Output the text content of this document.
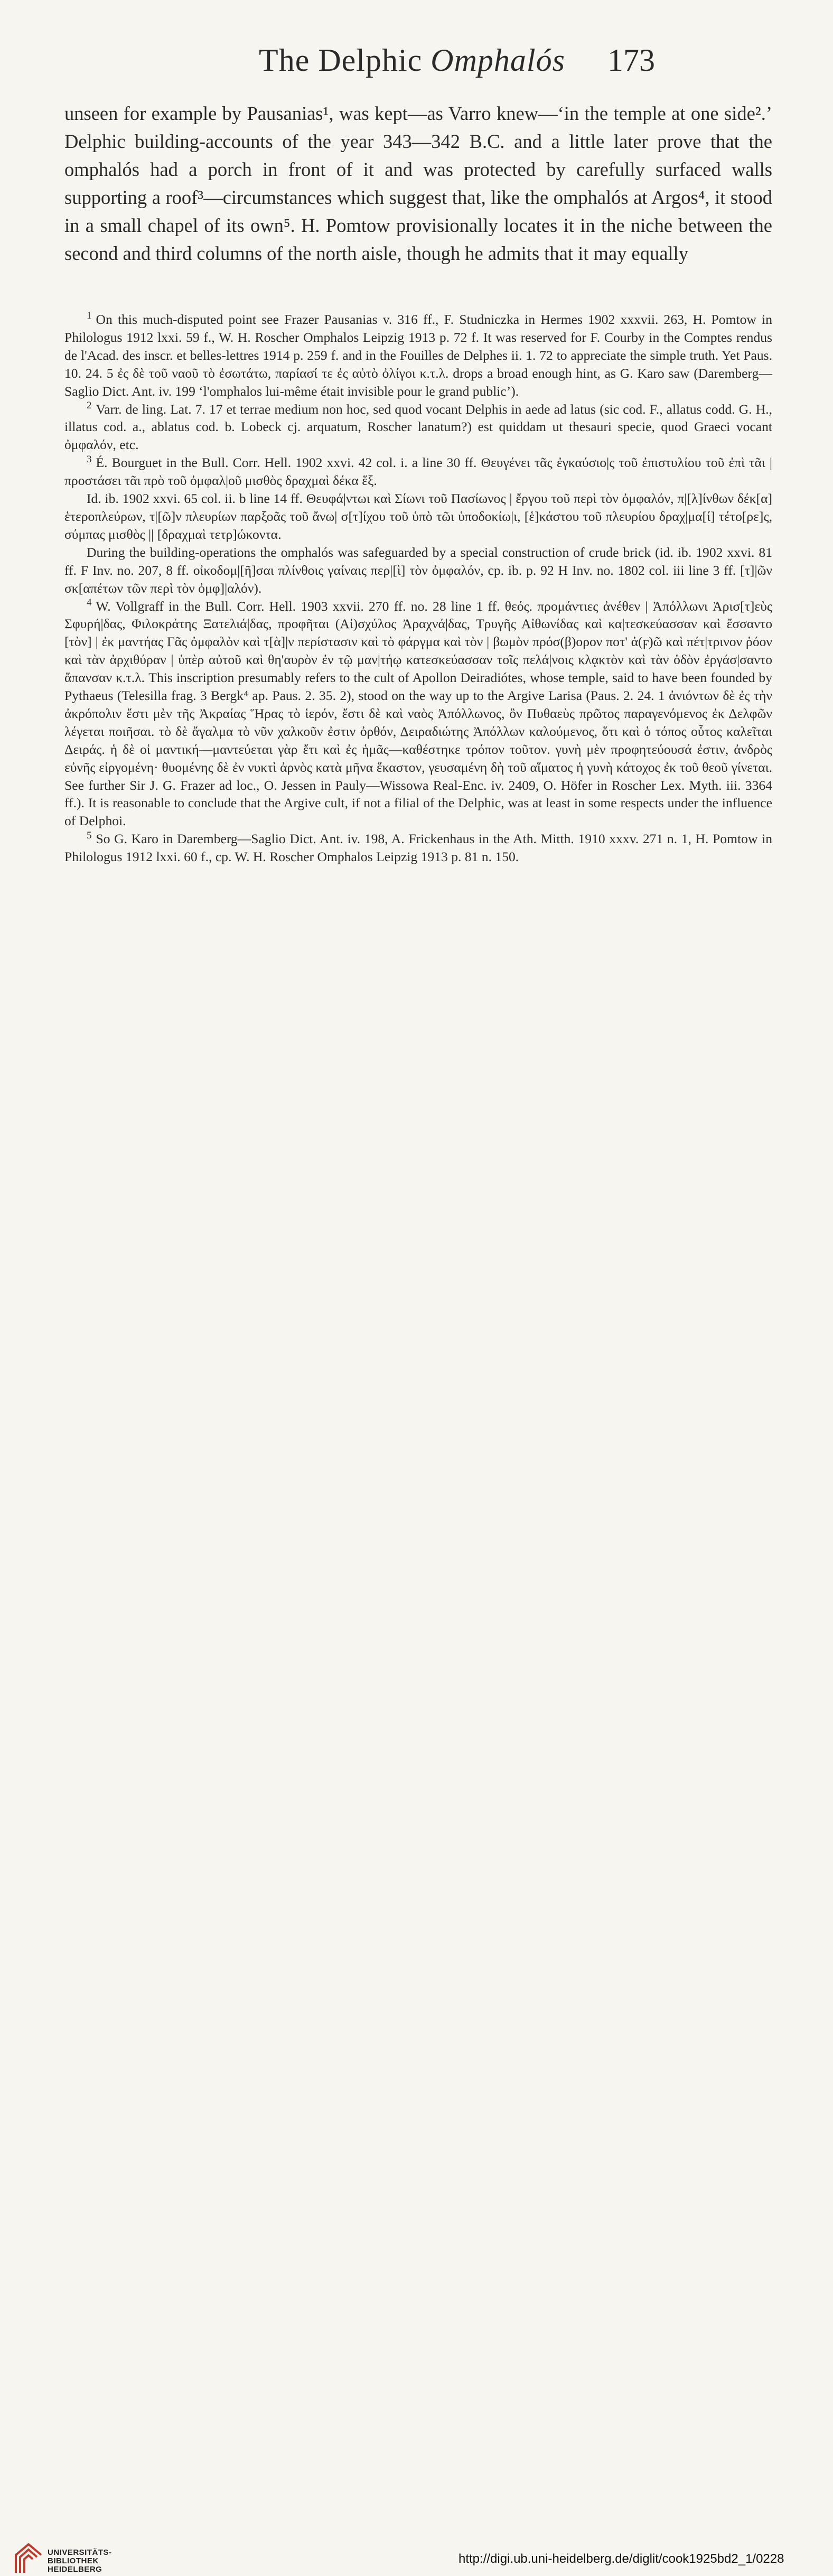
The Delphic Omphalós	173
unseen for example by Pausanias¹, was kept—as Varro knew—‘in the temple at one side².’ Delphic building-accounts of the year 343—342 B.C. and a little later prove that the omphalós had a porch in front of it and was protected by carefully surfaced walls supporting a roof³—circumstances which suggest that, like the omphalós at Argos⁴, it stood in a small chapel of its own⁵. H. Pomtow provisionally locates it in the niche between the second and third columns of the north aisle, though he admits that it may equally

$^1$ On this much-disputed point see Frazer Pausanias v. 316 ff., F. Studniczka in Hermes 1902 xxxvii. 263, H. Pomtow in Philologus 1912 lxxi. 59 f., W. H. Roscher Omphalos Leipzig 1913 p. 72 f. It was reserved for F. Courby in the Comptes rendus de l'Acad. des inscr. et belles-lettres 1914 p. 259 f. and in the Fouilles de Delphes ii. 1. 72 to appreciate the simple truth. Yet Paus. 10. 24. 5 ἐς δὲ τοῦ ναοῦ τὸ ἐσωτάτω, παρίασί τε ἐς αὐτὸ ὀλίγοι κ.τ.λ. drops a broad enough hint, as G. Karo saw (Daremberg—Saglio Dict. Ant. iv. 199 ‘l'omphalos lui-même était invisible pour le grand public’).

$^2$ Varr. de ling. Lat. 7. 17 et terrae medium non hoc, sed quod vocant Delphis in aede ad latus (sic cod. F., allatus codd. G. H., illatus cod. a., ablatus cod. b. Lobeck cj. arquatum, Roscher lanatum?) est quiddam ut thesauri specie, quod Graeci vocant ὀμφαλόν, etc.

$^3$ É. Bourguet in the Bull. Corr. Hell. 1902 xxvi. 42 col. i. a line 30 ff. Θευγένει τᾶς ἐγκαύσιο|ς τοῦ ἐπιστυλίου τοῦ ἐπὶ τᾶι | προστάσει τᾶι πρὸ τοῦ ὀμφαλ|οῦ μισθὸς δραχμαὶ δέκα ἕξ.

Id. ib. 1902 xxvi. 65 col. ii. b line 14 ff. Θευφά|ντωι καὶ Σίωνι τοῦ Πασίωνος | ἔργου τοῦ περὶ τὸν ὀμφαλόν, π|[λ]ίνθων δέκ[α] ἑτεροπλεύρων, τ|[ῶ]ν πλευρίων παρξοᾶς τοῦ ἄνω| σ[τ]ίχου τοῦ ὑπὸ τῶι ὑποδοκίω|ι, [ἑ]κάστου τοῦ πλευρίου δραχ|μα[ί] τέτο[ρε]ς, σύμπας μισθὸς || [δραχμαὶ τετρ]ώκοντα.

During the building-operations the omphalós was safeguarded by a special construction of crude brick (id. ib. 1902 xxvi. 81 ff. F Inv. no. 207, 8 ff. οἰκοδομ|[ῆ]σαι πλίνθοις γαίναις περ|[ὶ] τὸν ὀμφαλόν, cp. ib. p. 92 H Inv. no. 1802 col. iii line 3 ff. [τ]|ῶν σκ[απέτων τῶν περὶ τὸν ὀμφ]|αλόν).

$^4$ W. Vollgraff in the Bull. Corr. Hell. 1903 xxvii. 270 ff. no. 28 line 1 ff. θεός. προμάντιες ἀνέθεν | Ἀπόλλωνι Ἀρισ[τ]εὺς Σφυρή|δας, Φιλοκράτης Ξατελιά|δας, προφῆται (Αἰ)σχύλος Ἀραχνά|δας, Τρυγῆς Αἰθωνίδας καὶ κα|τεσκεύασσαν καὶ ἔσσαντο [τὸν] | ἐκ μαντήας Γᾶς ὀμφαλὸν καὶ τ[ὰ]|ν περίστασιν καὶ τὸ φάργμα καὶ τὸν | βωμὸν πρόσ(β)ορον ποτ' ἀ(ϝ)ῶ καὶ πέτ|τρινον ῥόον καὶ τὰν ἀρχιθύραν | ὑπὲρ αὐτοῦ καὶ θη'αυρὸν ἐν τῷ μαν|τήῳ κατεσκεύασσαν τοῖς πελά|νοις κλᾳκτὸν καὶ τὰν ὁδὸν ἐργάσ|σαντο ἅπανσαν κ.τ.λ. This inscription presumably refers to the cult of Apollon Deiradiótes, whose temple, said to have been founded by Pythaeus (Telesilla frag. 3 Bergk⁴ ap. Paus. 2. 35. 2), stood on the way up to the Argive Larisa (Paus. 2. 24. 1 ἀνιόντων δὲ ἐς τὴν ἀκρόπολιν ἔστι μὲν τῆς Ἀκραίας Ἥρας τὸ ἱερόν, ἔστι δὲ καὶ ναὸς Ἀπόλλωνος, ὃν Πυθαεὺς πρῶτος παραγενόμενος ἐκ Δελφῶν λέγεται ποιῆσαι. τὸ δὲ ἄγαλμα τὸ νῦν χαλκοῦν ἐστιν ὀρθόν, Δειραδιώτης Ἀπόλλων καλούμενος, ὅτι καὶ ὁ τόπος οὗτος καλεῖται Δειράς. ἡ δὲ οἱ μαντική—μαντεύεται γὰρ ἔτι καὶ ἐς ἡμᾶς—καθέστηκε τρόπον τοῦτον. γυνὴ μὲν προφητεύουσά ἐστιν, ἀνδρὸς εὐνῆς εἰργομένη· θυομένης δὲ ἐν νυκτὶ ἀρνὸς κατὰ μῆνα ἕκαστον, γευσαμένη δὴ τοῦ αἵματος ἡ γυνὴ κάτοχος ἐκ τοῦ θεοῦ γίνεται. See further Sir J. G. Frazer ad loc., O. Jessen in Pauly—Wissowa Real-Enc. iv. 2409, O. Höfer in Roscher Lex. Myth. iii. 3364 ff.). It is reasonable to conclude that the Argive cult, if not a filial of the Delphic, was at least in some respects under the influence of Delphoi.

$^5$ So G. Karo in Daremberg—Saglio Dict. Ant. iv. 198, A. Frickenhaus in the Ath. Mitth. 1910 xxxv. 271 n. 1, H. Pomtow in Philologus 1912 lxxi. 60 f., cp. W. H. Roscher Omphalos Leipzig 1913 p. 81 n. 150.

UNIVERSITÄTS-
BIBLIOTHEK
HEIDELBERG
http://digi.ub.uni-heidelberg.de/diglit/cook1925bd2_1/0228
